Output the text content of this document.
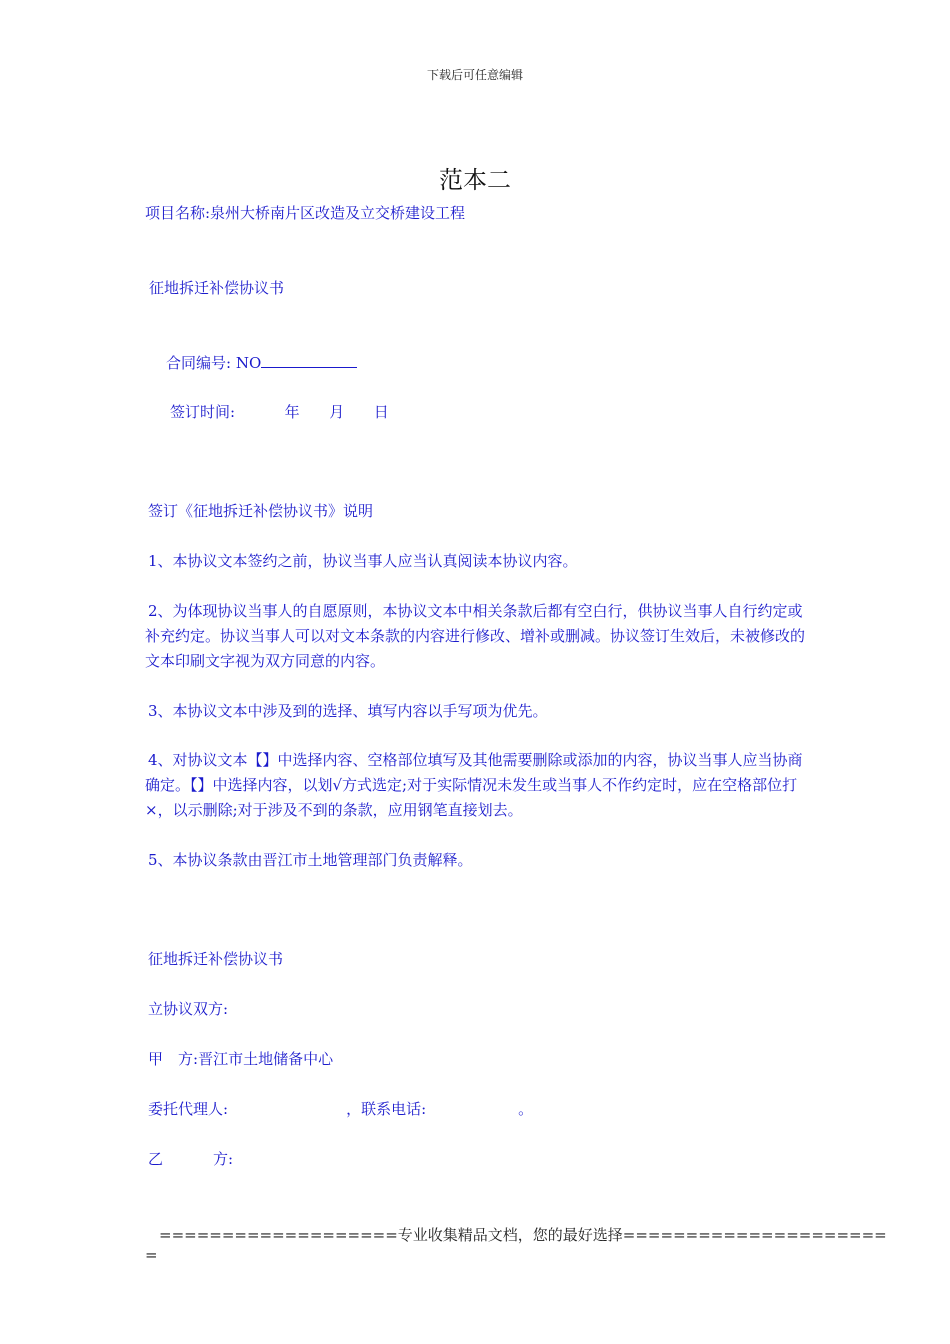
下载后可任意编辑
范本二
项目名称:泉州大桥南片区改造及立交桥建设工程
征地拆迁补偿协议书
合同编号: NO
签订时间:	年 月 日
签订《征地拆迁补偿协议书》说明
1、本协议文本签约之前，协议当事人应当认真阅读本协议内容。
2、为体现协议当事人的自愿原则，本协议文本中相关条款后都有空白行，供协议当事人自行约定或补充约定。协议当事人可以对文本条款的内容进行修改、增补或删减。协议签订生效后，未被修改的文本印刷文字视为双方同意的内容。
3、本协议文本中涉及到的选择、填写内容以手写项为优先。
4、对协议文本【】中选择内容、空格部位填写及其他需要删除或添加的内容，协议当事人应当协商确定。【】中选择内容，以划√方式选定;对于实际情况未发生或当事人不作约定时，应在空格部位打×，以示删除;对于涉及不到的条款，应用钢笔直接划去。
5、本协议条款由晋江市土地管理部门负责解释。
征地拆迁补偿协议书
立协议双方:
甲　方:晋江市土地储备中心
委托代理人:	，联系电话:	。
乙	方:
===================专业收集精品文档，您的最好选择=====================
=
